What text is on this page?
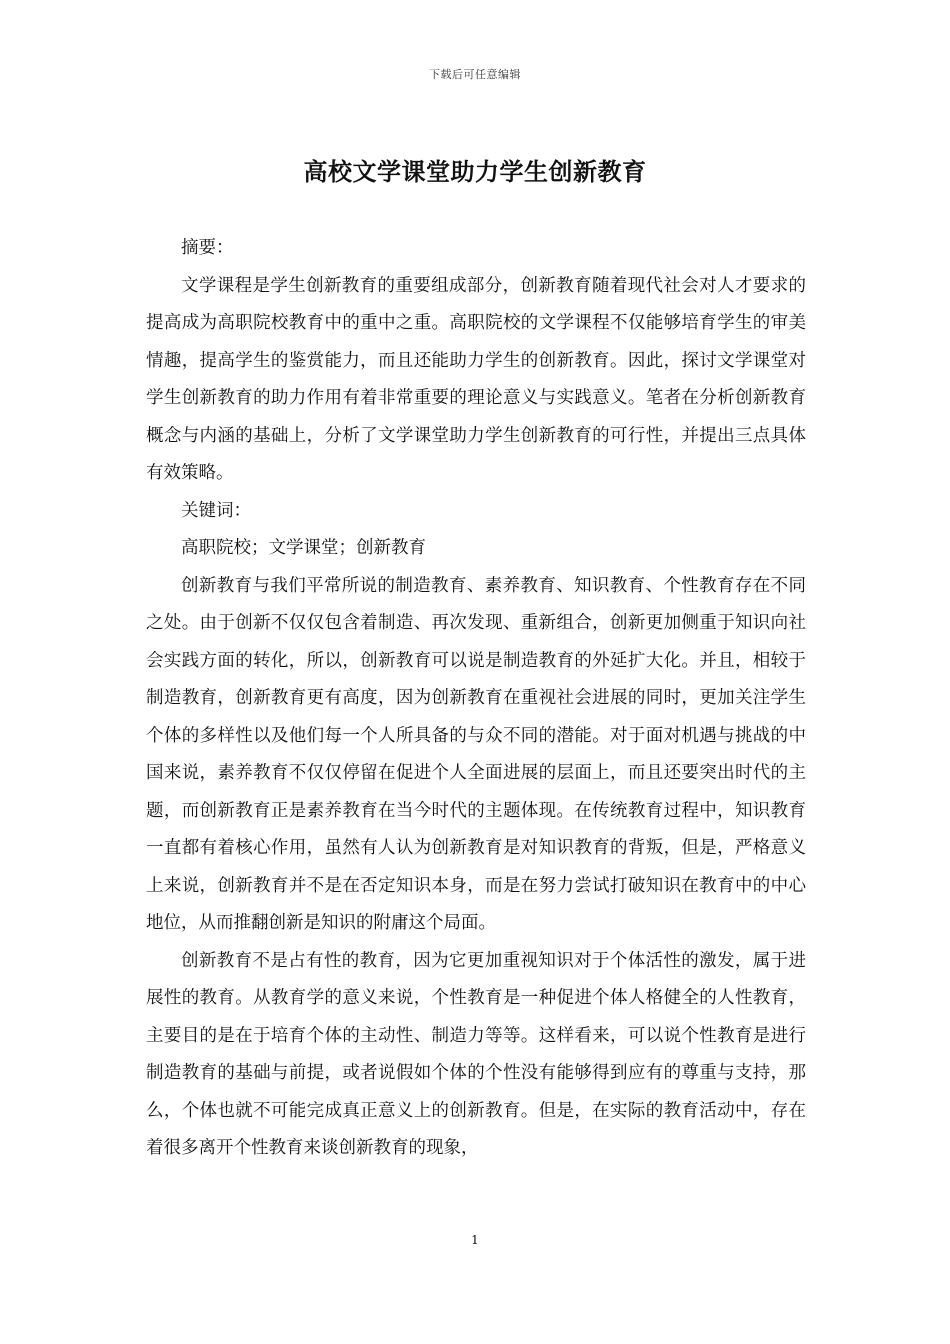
下载后可任意编辑
高校文学课堂助力学生创新教育

摘要：

文学课程是学生创新教育的重要组成部分，创新教育随着现代社会对人才要求的提高成为高职院校教育中的重中之重。高职院校的文学课程不仅能够培育学生的审美情趣，提高学生的鉴赏能力，而且还能助力学生的创新教育。因此，探讨文学课堂对学生创新教育的助力作用有着非常重要的理论意义与实践意义。笔者在分析创新教育概念与内涵的基础上，分析了文学课堂助力学生创新教育的可行性，并提出三点具体有效策略。

关键词：

高职院校；文学课堂；创新教育

创新教育与我们平常所说的制造教育、素养教育、知识教育、个性教育存在不同之处。由于创新不仅仅包含着制造、再次发现、重新组合，创新更加侧重于知识向社会实践方面的转化，所以，创新教育可以说是制造教育的外延扩大化。并且，相较于制造教育，创新教育更有高度，因为创新教育在重视社会进展的同时，更加关注学生个体的多样性以及他们每一个人所具备的与众不同的潜能。对于面对机遇与挑战的中国来说，素养教育不仅仅停留在促进个人全面进展的层面上，而且还要突出时代的主题，而创新教育正是素养教育在当今时代的主题体现。在传统教育过程中，知识教育一直都有着核心作用，虽然有人认为创新教育是对知识教育的背叛，但是，严格意义上来说，创新教育并不是在否定知识本身，而是在努力尝试打破知识在教育中的中心地位，从而推翻创新是知识的附庸这个局面。

创新教育不是占有性的教育，因为它更加重视知识对于个体活性的激发，属于进展性的教育。从教育学的意义来说，个性教育是一种促进个体人格健全的人性教育，主要目的是在于培育个体的主动性、制造力等等。这样看来，可以说个性教育是进行制造教育的基础与前提，或者说假如个体的个性没有能够得到应有的尊重与支持，那么，个体也就不可能完成真正意义上的创新教育。但是，在实际的教育活动中，存在着很多离开个性教育来谈创新教育的现象，

1
